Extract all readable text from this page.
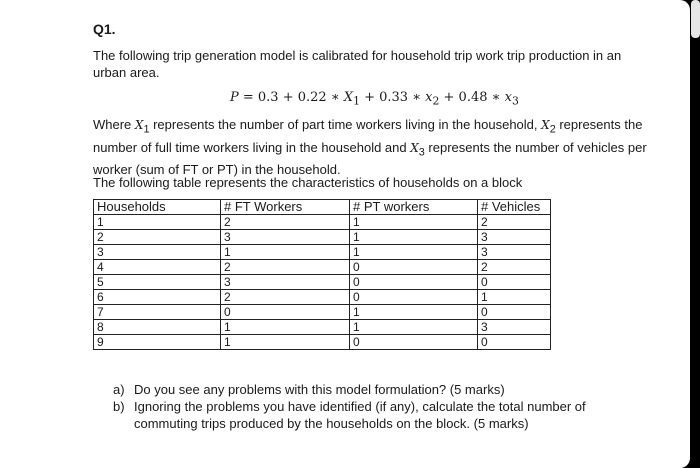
Q1.
The following trip generation model is calibrated for household trip work trip production in an urban area.
P = 0.3 + 0.22 ∗ $X_1 + 0.33$ ∗ $x_2 + 0.48$ ∗ $x_3$
Where $X_1$ represents the number of part time workers living in the household, $X_2$ represents the number of full time workers living in the household and $X_3$ represents the number of vehicles per worker (sum of FT or PT) in the household.
The following table represents the characteristics of households on a block
Households	# FT Workers	# PT workers	# Vehicles
1	2	1	2
2	3	1	3
3	1	1	3
4	2	0	2
5	3	0	0
6	2	0	1
7	0	1	0
8	1	1	3
9	1	0	0
a) Do you see any problems with this model formulation? (5 marks)
b) Ignoring the problems you have identified (if any), calculate the total number of commuting trips produced by the households on the block. (5 marks)
